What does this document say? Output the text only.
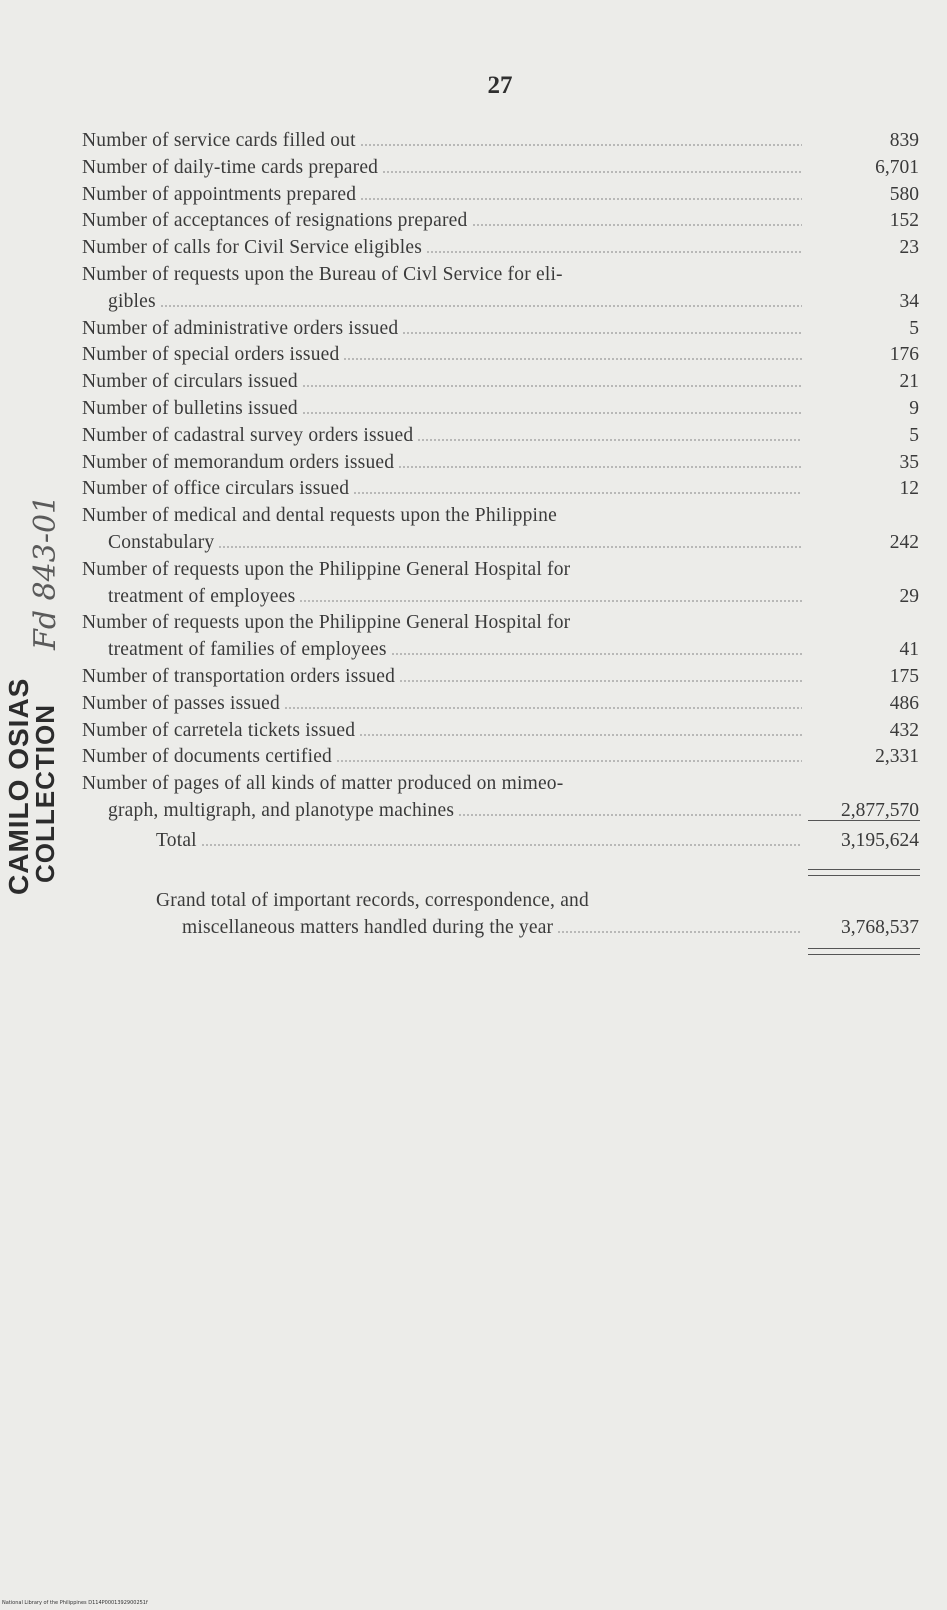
27
Number of service cards filled out	839
Number of daily-time cards prepared	6,701
Number of appointments prepared	580
Number of acceptances of resignations prepared	152
Number of calls for Civil Service eligibles	23
Number of requests upon the Bureau of Civl Service for eli-
gibles	34
Number of administrative orders issued	5
Number of special orders issued	176
Number of circulars issued	21
Number of bulletins issued	9
Number of cadastral survey orders issued	5
Number of memorandum orders issued	35
Number of office circulars issued	12
Number of medical and dental requests upon the Philippine
Constabulary	242
Number of requests upon the Philippine General Hospital for
treatment of employees	29
Number of requests upon the Philippine General Hospital for
treatment of families of employees	41
Number of transportation orders issued	175
Number of passes issued	486
Number of carretela tickets issued	432
Number of documents certified	2,331
Number of pages of all kinds of matter produced on mimeo-
graph, multigraph, and planotype machines	2,877,570
Total	3,195,624
Grand total of important records, correspondence, and
miscellaneous matters handled during the year	3,768,537
CAMILO OSIAS
COLLECTION
Fd 843-01
National Library of the Philippines D114P0001392900251f
